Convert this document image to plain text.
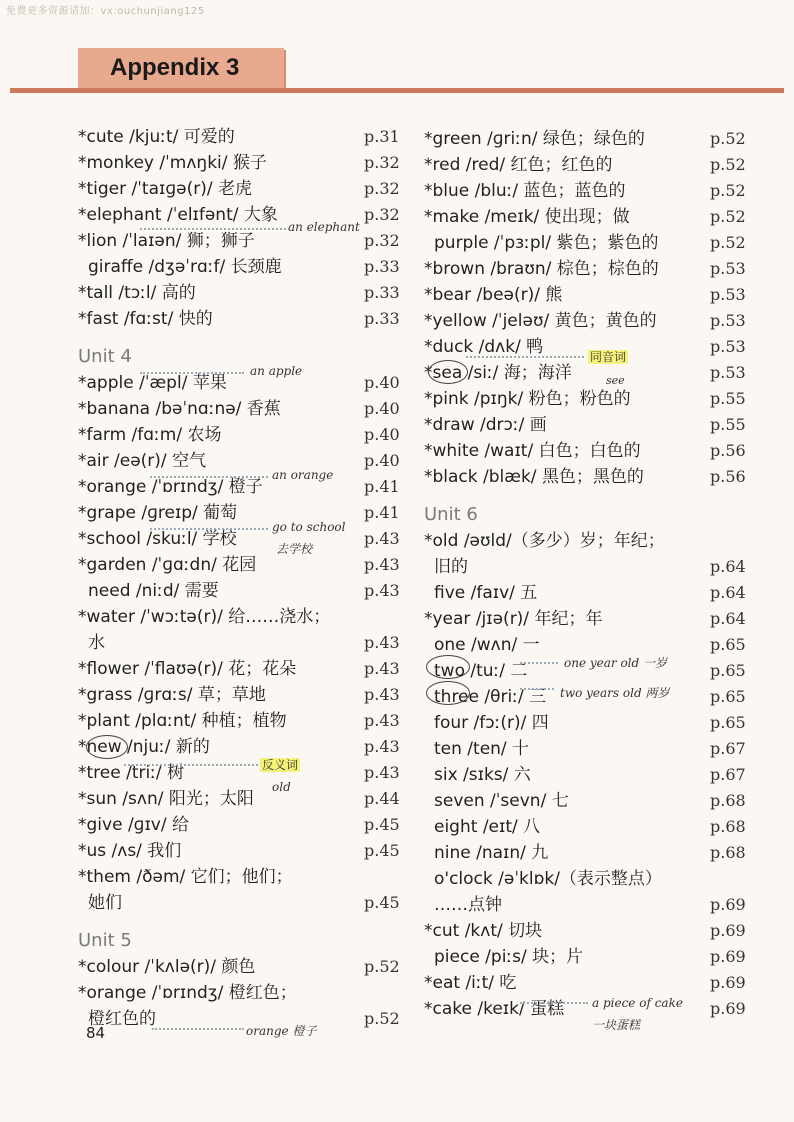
免费更多资源请加：vx:ouchunjiang125
Appendix 3
*cute /kjuːt/ 可爱的	p.31
*monkey /ˈmʌŋki/ 猴子	p.32
*tiger /ˈtaɪɡə(r)/ 老虎	p.32
*elephant /ˈelɪfənt/ 大象	p.32
*lion /ˈlaɪən/ 狮；狮子	p.32
giraffe /dʒəˈrɑːf/ 长颈鹿	p.33
*tall /tɔːl/ 高的	p.33
*fast /fɑːst/ 快的	p.33
Unit 4
*apple /ˈæpl/ 苹果	p.40
*banana /bəˈnɑːnə/ 香蕉	p.40
*farm /fɑːm/ 农场	p.40
*air /eə(r)/ 空气	p.40
*orange /ˈɒrɪndʒ/ 橙子	p.41
*grape /ɡreɪp/ 葡萄	p.41
*school /skuːl/ 学校	p.43
*garden /ˈɡɑːdn/ 花园	p.43
need /niːd/ 需要	p.43
*water /ˈwɔːtə(r)/ 给……浇水；
水	p.43
*flower /ˈflaʊə(r)/ 花；花朵	p.43
*grass /ɡrɑːs/ 草；草地	p.43
*plant /plɑːnt/ 种植；植物	p.43
*new /njuː/ 新的	p.43
*tree /triː/ 树	p.43
*sun /sʌn/ 阳光；太阳	p.44
*give /ɡɪv/ 给	p.45
*us /ʌs/ 我们	p.45
*them /ðəm/ 它们；他们；
她们	p.45
Unit 5
*colour /ˈkʌlə(r)/ 颜色	p.52
*orange /ˈɒrɪndʒ/ 橙红色；
橙红色的	p.52
*green /ɡriːn/ 绿色；绿色的	p.52
*red /red/ 红色；红色的	p.52
*blue /bluː/ 蓝色；蓝色的	p.52
*make /meɪk/ 使出现；做	p.52
purple /ˈpɜːpl/ 紫色；紫色的	p.52
*brown /braʊn/ 棕色；棕色的	p.53
*bear /beə(r)/ 熊	p.53
*yellow /ˈjeləʊ/ 黄色；黄色的	p.53
*duck /dʌk/ 鸭	p.53
*sea /siː/ 海；海洋	p.53
*pink /pɪŋk/ 粉色；粉色的	p.55
*draw /drɔː/ 画	p.55
*white /waɪt/ 白色；白色的	p.56
*black /blæk/ 黑色；黑色的	p.56
Unit 6
*old /əʊld/（多少）岁；年纪；
旧的	p.64
five /faɪv/ 五	p.64
*year /jɪə(r)/ 年纪；年	p.64
one /wʌn/ 一	p.65
two /tuː/ 二	p.65
three /θriː/ 三	p.65
four /fɔː(r)/ 四	p.65
ten /ten/ 十	p.67
six /sɪks/ 六	p.67
seven /ˈsevn/ 七	p.68
eight /eɪt/ 八	p.68
nine /naɪn/ 九	p.68
o'clock /əˈklɒk/（表示整点）
……点钟	p.69
*cut /kʌt/ 切块	p.69
piece /piːs/ 块；片	p.69
*eat /iːt/ 吃	p.69
*cake /keɪk/ 蛋糕	p.69
an elephant
an apple
an orange
go to school
去学校
反义词
old
orange 橙子
同音词
see
one year old 一岁
two years old 两岁
a piece of cake
一块蛋糕
84
